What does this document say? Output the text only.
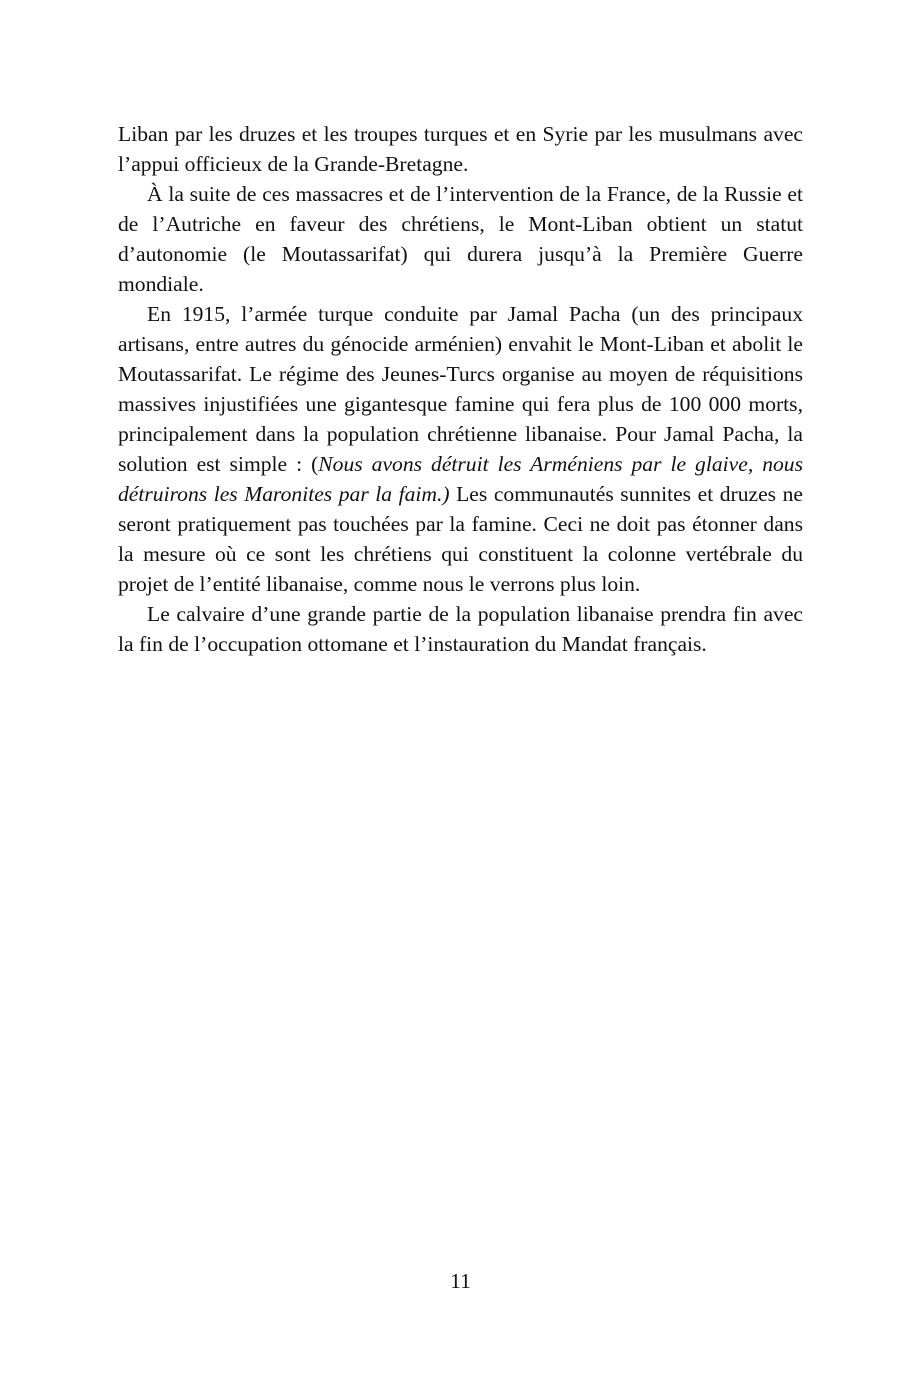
Liban par les druzes et les troupes turques et en Syrie par les musulmans avec l’appui officieux de la Grande-Bretagne.

À la suite de ces massacres et de l’intervention de la France, de la Russie et de l’Autriche en faveur des chrétiens, le Mont-Liban obtient un statut d’autonomie (le Moutassarifat) qui durera jusqu’à la Première Guerre mondiale.

En 1915, l’armée turque conduite par Jamal Pacha (un des principaux artisans, entre autres du génocide arménien) envahit le Mont-Liban et abolit le Moutassarifat. Le régime des Jeunes-Turcs organise au moyen de réquisitions massives injustifiées une gigantesque famine qui fera plus de 100 000 morts, principalement dans la population chrétienne libanaise. Pour Jamal Pacha, la solution est simple : (Nous avons détruit les Arméniens par le glaive, nous détruirons les Maronites par la faim.) Les communautés sunnites et druzes ne seront pratiquement pas touchées par la famine. Ceci ne doit pas étonner dans la mesure où ce sont les chrétiens qui constituent la colonne vertébrale du projet de l’entité libanaise, comme nous le verrons plus loin.

Le calvaire d’une grande partie de la population libanaise prendra fin avec la fin de l’occupation ottomane et l’instauration du Mandat français.

11
